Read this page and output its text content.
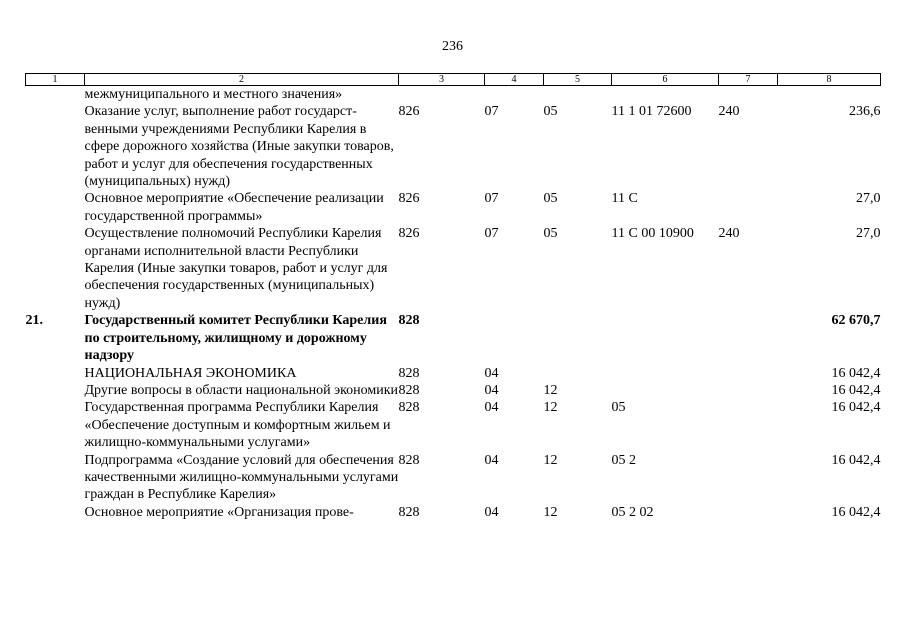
236
1	2	3	4	5	6	7	8
	межмуниципального и местного значения»						
	Оказание услуг, выполнение работ государственными учреждениями Республики Карелия в сфере дорожного хозяйства (Иные закупки товаров, работ и услуг для обеспечения государственных (муниципальных) нужд)	826	07	05	11 1 01 72600	240	236,6
	Основное мероприятие «Обеспечение реализации государственной программы»	826	07	05	11 С		27,0
	Осуществление полномочий Республики Карелия органами исполнительной власти Республики Карелия (Иные закупки товаров, работ и услуг для обеспечения государственных (муниципальных) нужд)	826	07	05	11 С 00 10900	240	27,0
21.	Государственный комитет Республики Карелия по строительному, жилищному и дорожному надзору	828					62 670,7
	НАЦИОНАЛЬНАЯ ЭКОНОМИКА	828	04				16 042,4
	Другие вопросы в области национальной экономики	828	04	12			16 042,4
	Государственная программа Республики Карелия «Обеспечение доступным и комфортным жильем и жилищно-коммунальными услугами»	828	04	12	05		16 042,4
	Подпрограмма «Создание условий для обеспечения качественными жилищно-коммунальными услугами граждан в Республике Карелия»	828	04	12	05 2		16 042,4
	Основное мероприятие «Организация прове-	828	04	12	05 2 02		16 042,4
